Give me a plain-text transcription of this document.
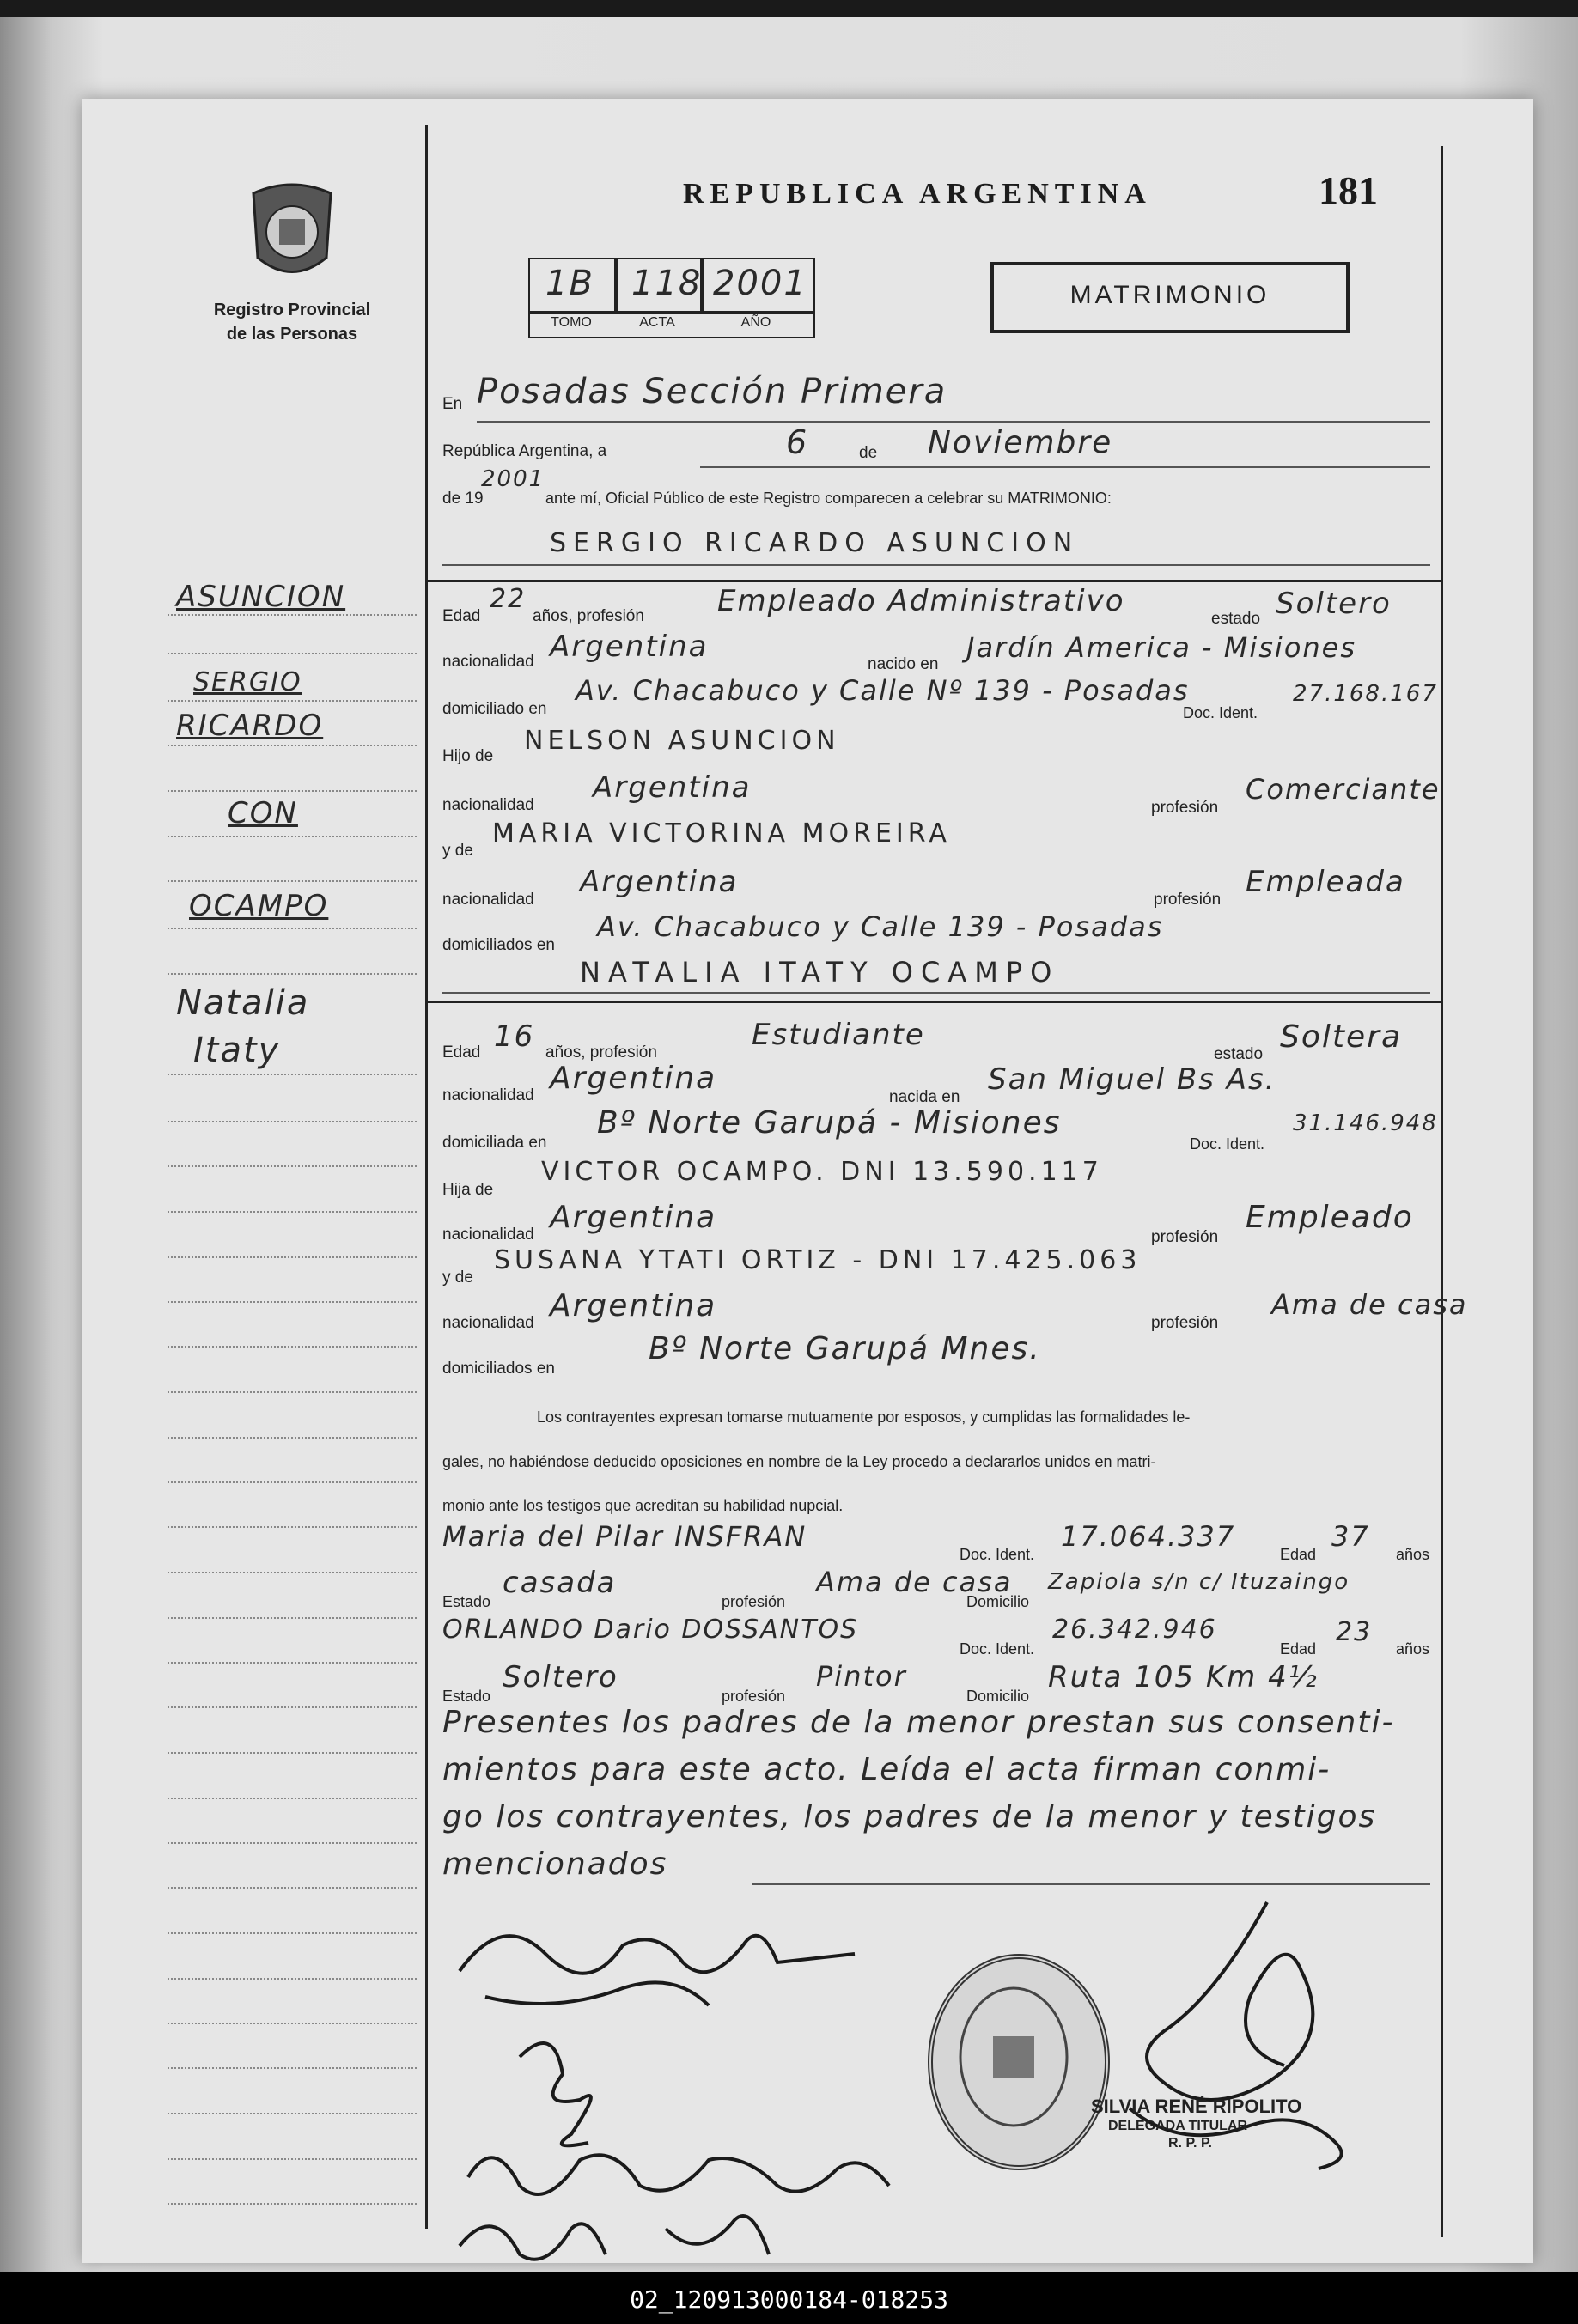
Registro Provincial
de las Personas
REPUBLICA ARGENTINA	181
1B 118 2001
TOMO	ACTA	AÑO
MATRIMONIO
En Posadas Sección Primera
República Argentina, a	6	de Noviembre
de 19
2001
ante mí, Oficial Público de este Registro comparecen a celebrar su MATRIMONIO:
SERGIO RICARDO ASUNCION
ASUNCION
SERGIO
RICARDO
CON
OCAMPO
Natalia
Itaty
Edad
22
años, profesión	Empleado Administrativo
estado Soltero
nacionalidad Argentina
nacido en
Jardín America - Misiones
domiciliado en
Av. Chacabuco y Calle Nº 139 - Posadas
Doc. Ident.
27.168.167
Hijo de
NELSON ASUNCION
nacionalidad
Argentina
profesión
Comerciante
y de
MARIA VICTORINA MOREIRA
nacionalidad
Argentina
profesión
Empleada
domiciliados en
Av. Chacabuco y Calle 139 - Posadas
NATALIA ITATY OCAMPO
Edad 16 años, profesión
Estudiante
estado Soltera
nacionalidad Argentina
nacida en
San Miguel Bs As.
domiciliada en
Bº Norte Garupá - Misiones
Doc. Ident.
31.146.948
Hija de
VICTOR OCAMPO. DNI 13.590.117
nacionalidad Argentina
profesión
Empleado
y de
SUSANA YTATI ORTIZ - DNI 17.425.063
nacionalidad Argentina	profesión
Ama de casa
domiciliados en
Bº Norte Garupá Mnes.
Los contrayentes expresan tomarse mutuamente por esposos, y cumplidas las formalidades le-
gales, no habiéndose deducido oposiciones en nombre de la Ley procedo a declararlos unidos en matri-
monio ante los testigos que acreditan su habilidad nupcial.
Maria del Pilar INSFRAN
Doc. Ident.
17.064.337
Edad
37
años
Estado
casada
profesión
Ama de casa
Domicilio
Zapiola s/n c/ Ituzaingo
ORLANDO Dario DOSSANTOS
Doc. Ident.
26.342.946
Edad
23
años
Estado
Soltero
profesión
Pintor
Domicilio
Ruta 105 Km 4½
Presentes los padres de la menor prestan sus consenti-
mientos para este acto. Leída el acta firman conmi-
go los contrayentes, los padres de la menor y testigos
mencionados
SILVIA RENÉ RIPOLITO
DELEGADA TITULAR
R. P. P.
02_120913000184-018253
